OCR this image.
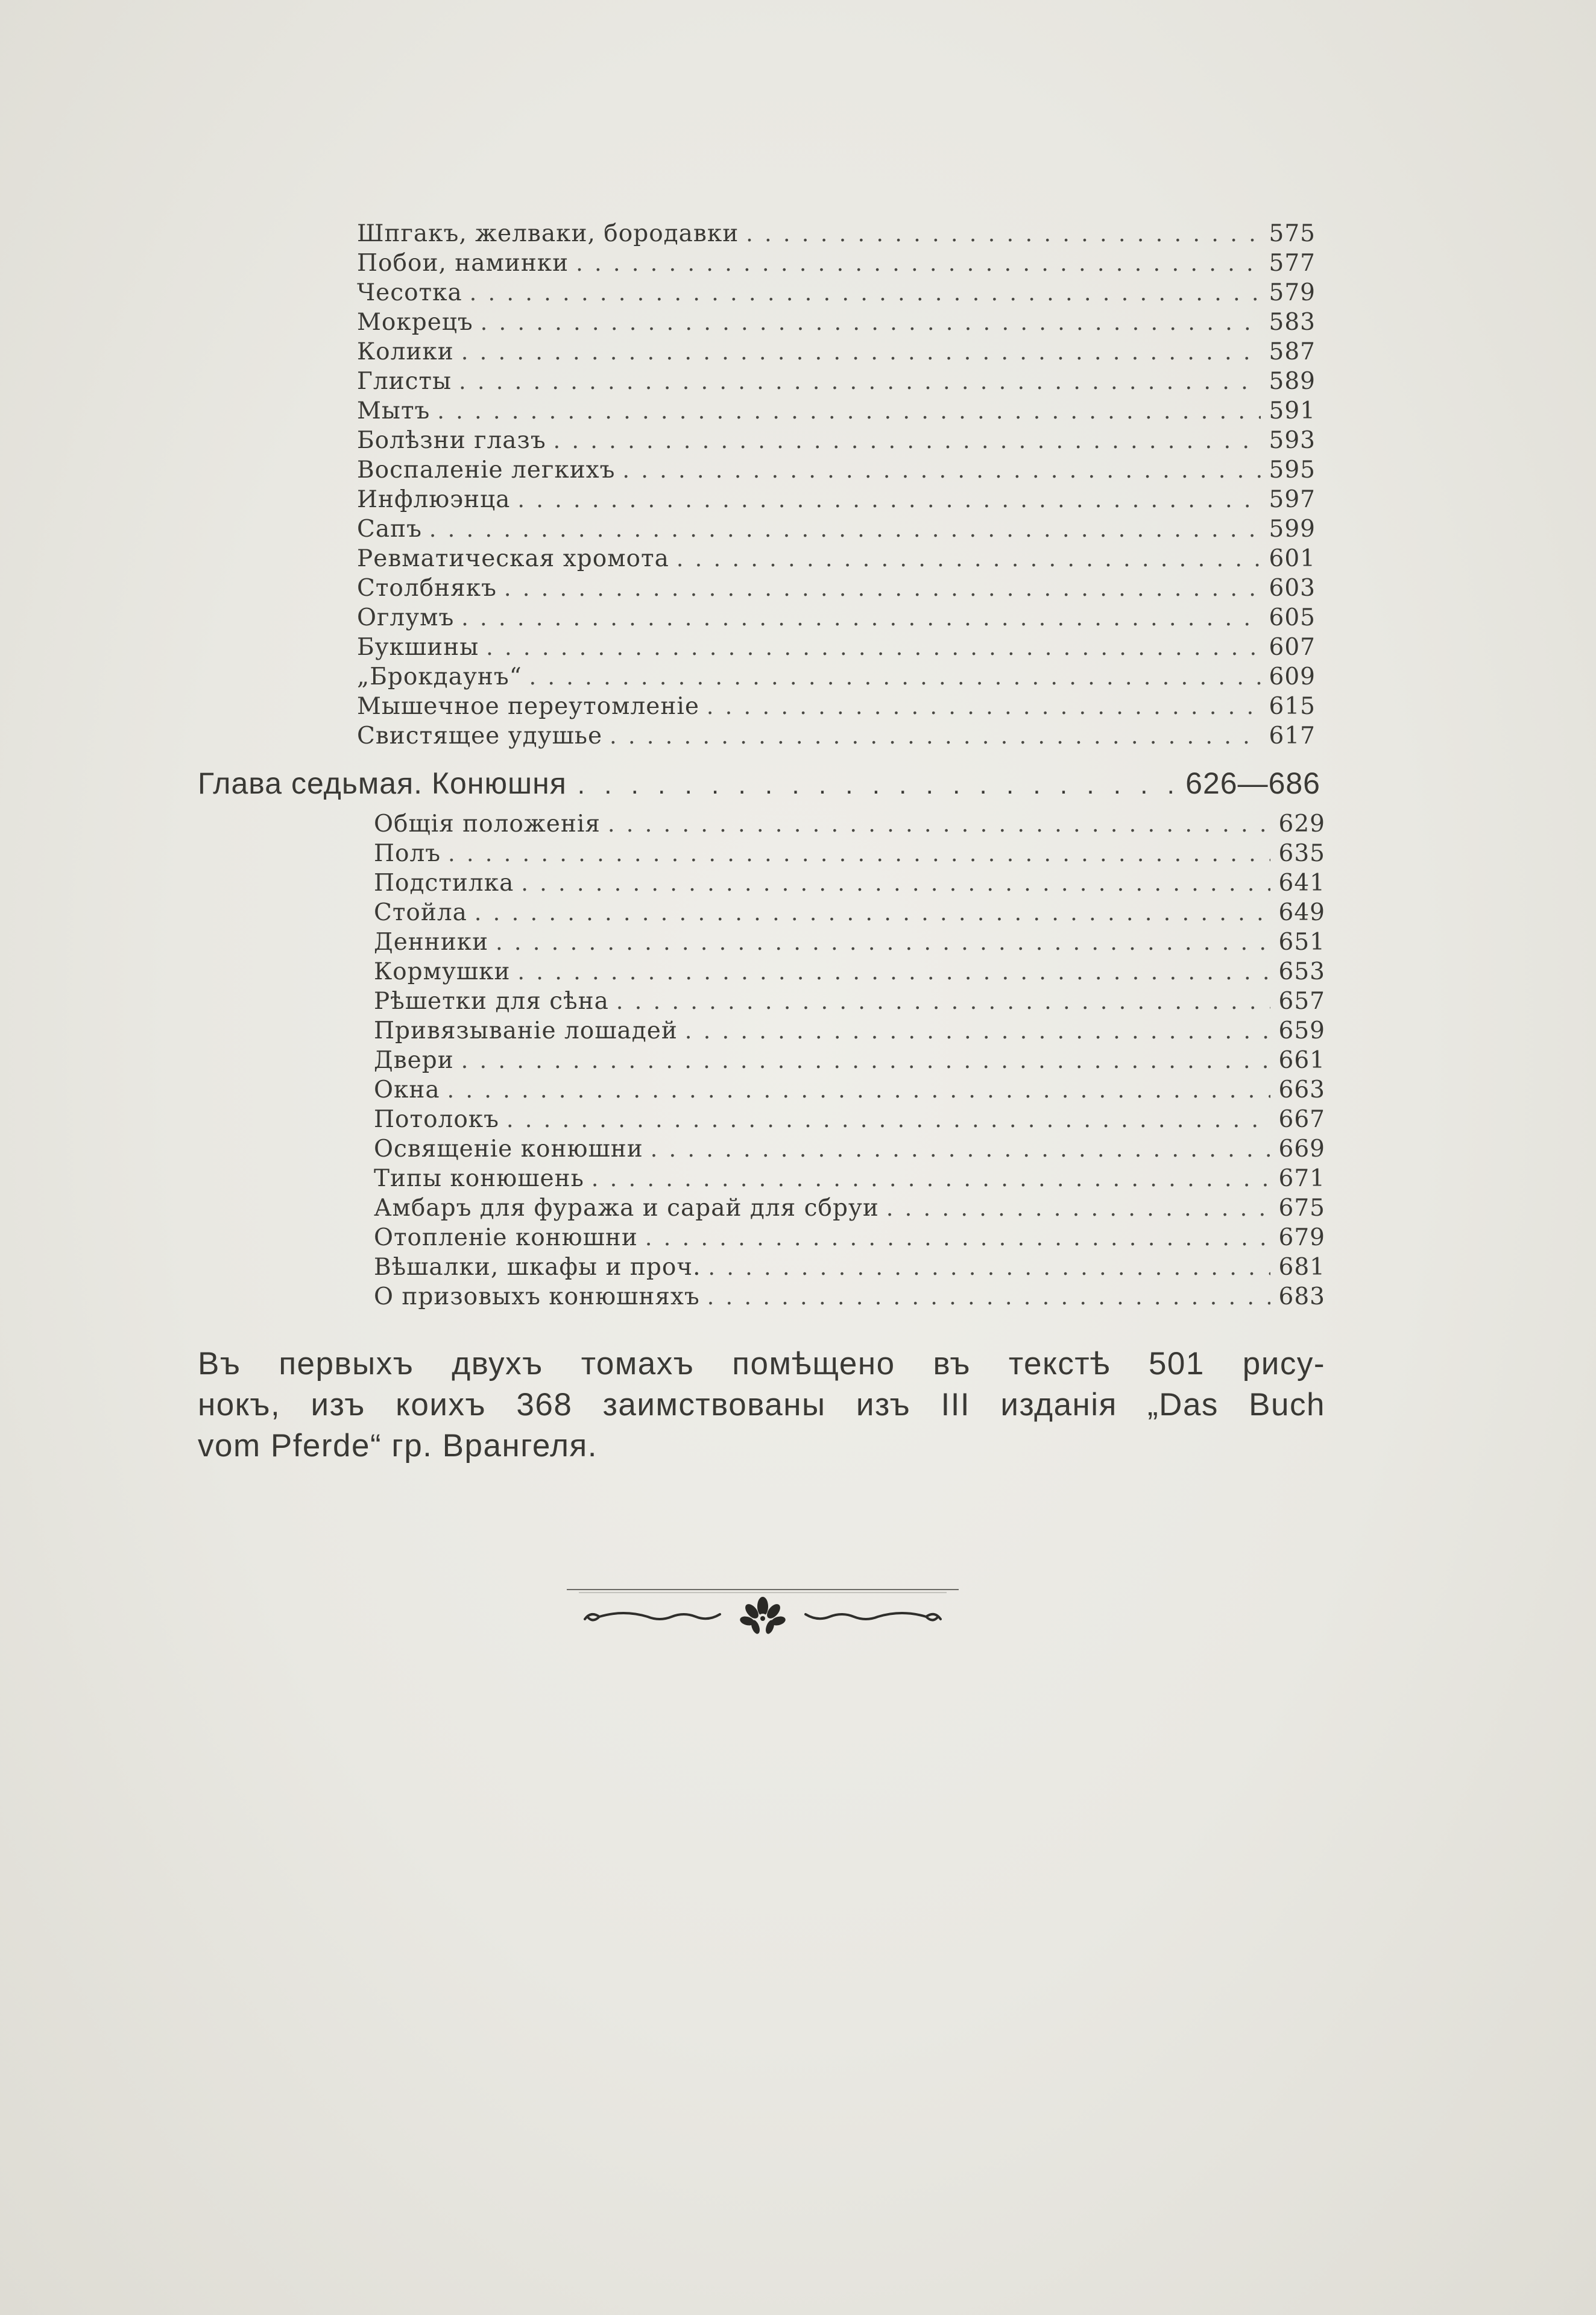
Шпгакъ, желваки, бородавки . . .	575
Побои, наминки . . .	577
Чесотка . . .	579
Мокрецъ . . .	583
Колики . . .	587
Глисты . . .	589
Мытъ . . .	591
Болѣзни глазъ . . .	593
Воспаленіе легкихъ . . .	595
Инфлюэнца . . .	597
Сапъ . . .	599
Ревматическая хромота . . .	601
Столбнякъ . . .	603
Оглумъ . . .	605
Букшины . . .	607
„Брокдаунъ“ . . .	609
Мышечное переутомленіе . . .	615
Свистящее удушье . . .	617
Глава седьмая. Конюшня . . .	626—686
Общія положенія . . .	629
Полъ . . .	635
Подстилка . . .	641
Стойла . . .	649
Денники . . .	651
Кормушки . . .	653
Рѣшетки для сѣна . . .	657
Привязываніе лошадей . . .	659
Двери . . .	661
Окна . . .	663
Потолокъ . . .	667
Освященіе конюшни . . .	669
Типы конюшень . . .	671
Амбаръ для фуража и сарай для сбруи . . .	675
Отопленіе конюшни . . .	679
Вѣшалки, шкафы и проч. . . .	681
О призовыхъ конюшняхъ . . .	683
Въ первыхъ двухъ томахъ помѣщено въ текстѣ 501 рису-
нокъ, изъ коихъ 368 заимствованы изъ III изданія „Das Buch
vom Pferde“ гр. Врангеля.
